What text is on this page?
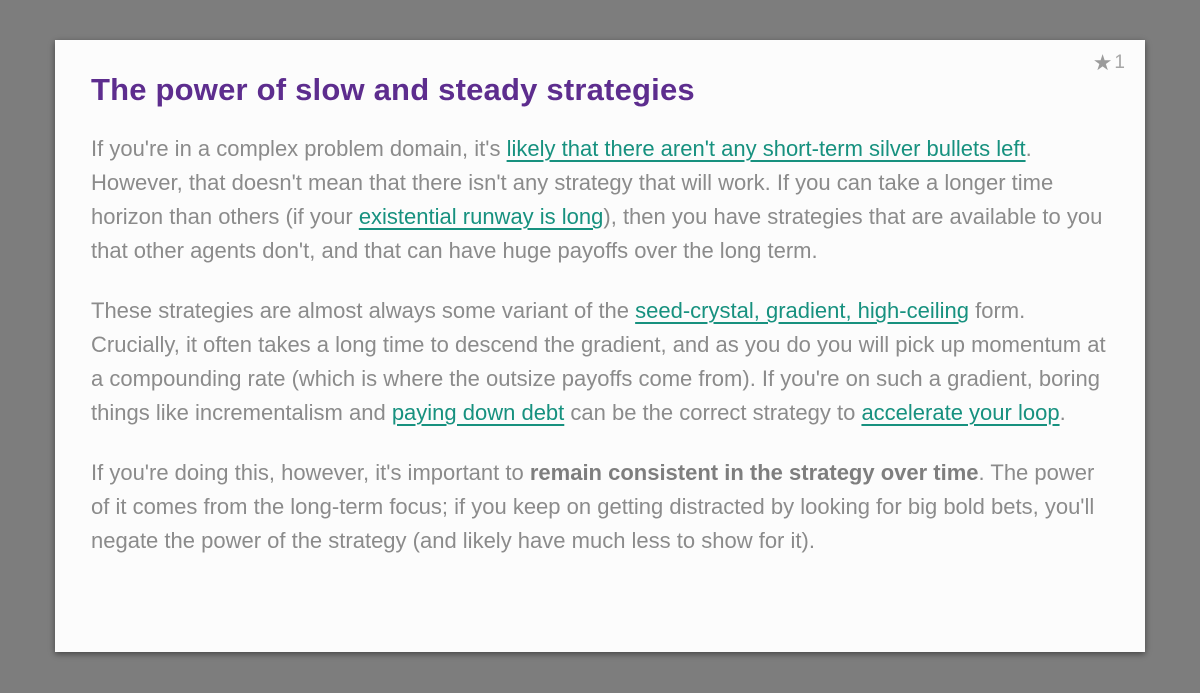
★ 1
The power of slow and steady strategies

If you're in a complex problem domain, it's likely that there aren't any short-term silver bullets left. However, that doesn't mean that there isn't any strategy that will work. If you can take a longer time horizon than others (if your existential runway is long), then you have strategies that are available to you that other agents don't, and that can have huge payoffs over the long term.

These strategies are almost always some variant of the seed-crystal, gradient, high-ceiling form. Crucially, it often takes a long time to descend the gradient, and as you do you will pick up momentum at a compounding rate (which is where the outsize payoffs come from). If you're on such a gradient, boring things like incrementalism and paying down debt can be the correct strategy to accelerate your loop.

If you're doing this, however, it's important to remain consistent in the strategy over time. The power of it comes from the long-term focus; if you keep on getting distracted by looking for big bold bets, you'll negate the power of the strategy (and likely have much less to show for it).
